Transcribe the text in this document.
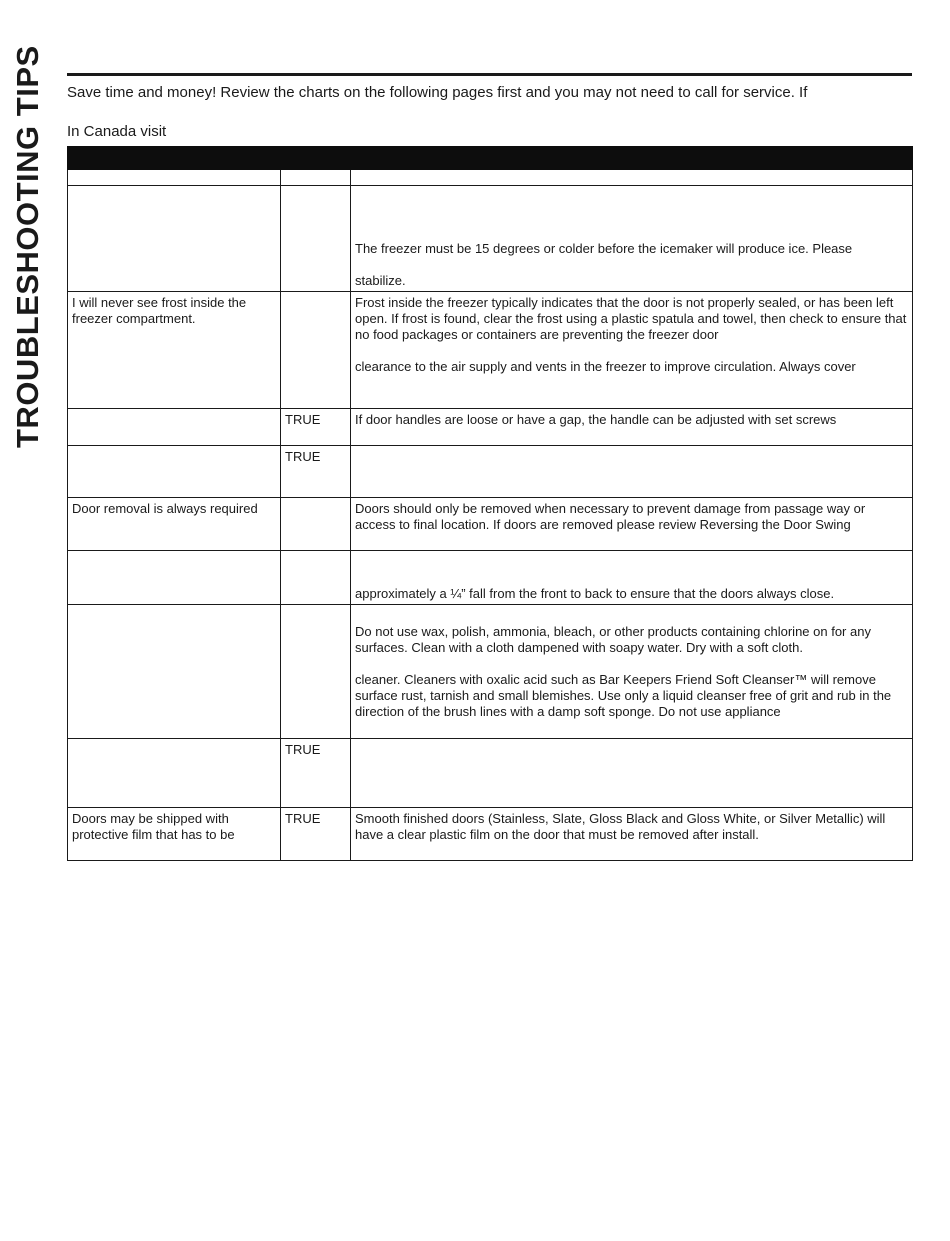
TROUBLESHOOTING TIPS Save time and money! Review the charts on the following pages first and you may not need to call for service. If
In Canada visit

		The freezer must be 15 degrees or colder before the icemaker will produce ice. Please
stabilize.

I will never see frost inside the freezer compartment.		Frost inside the freezer typically indicates that the door is not properly sealed, or has been left open. If frost is found, clear the frost using a plastic spatula and towel, then check to ensure that no food packages or containers are preventing the freezer door
clearance to the air supply and vents in the freezer to improve circulation. Always cover

	TRUE	If door handles are loose or have a gap, the handle can be adjusted with set screws

	TRUE	
Door removal is always required		Doors should only be removed when necessary to prevent damage from passage way or access to final location. If doors are removed please review Reversing the Door Swing

		approximately a ¼” fall from the front to back to ensure that the doors always close.

		Do not use wax, polish, ammonia, bleach, or other products containing chlorine on for any surfaces. Clean with a cloth dampened with soapy water. Dry with a soft cloth.
cleaner. Cleaners with oxalic acid such as Bar Keepers Friend Soft Cleanser™ will remove surface rust, tarnish and small blemishes. Use only a liquid cleanser free of grit and rub in the direction of the brush lines with a damp soft sponge. Do not use appliance

	TRUE	
Doors may be shipped with protective film that has to be	TRUE	Smooth finished doors (Stainless, Slate, Gloss Black and Gloss White, or Silver Metallic) will have a clear plastic film on the door that must be removed after install.
